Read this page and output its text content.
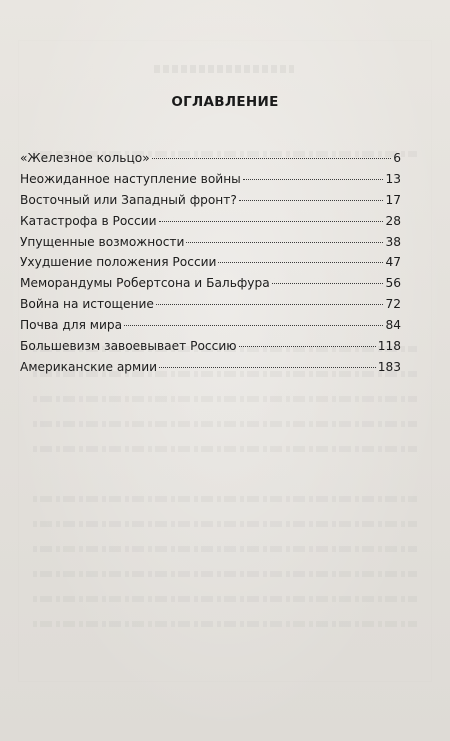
ОГЛАВЛЕНИЕ
«Железное кольцо»	6
Неожиданное наступление войны	13
Восточный или Западный фронт?	17
Катастрофа в России	28
Упущенные возможности	38
Ухудшение положения России	47
Меморандумы Робертсона и Бальфура	56
Война на истощение	72
Почва для мира	84
Большевизм завоевывает Россию	118
Американские армии	183
